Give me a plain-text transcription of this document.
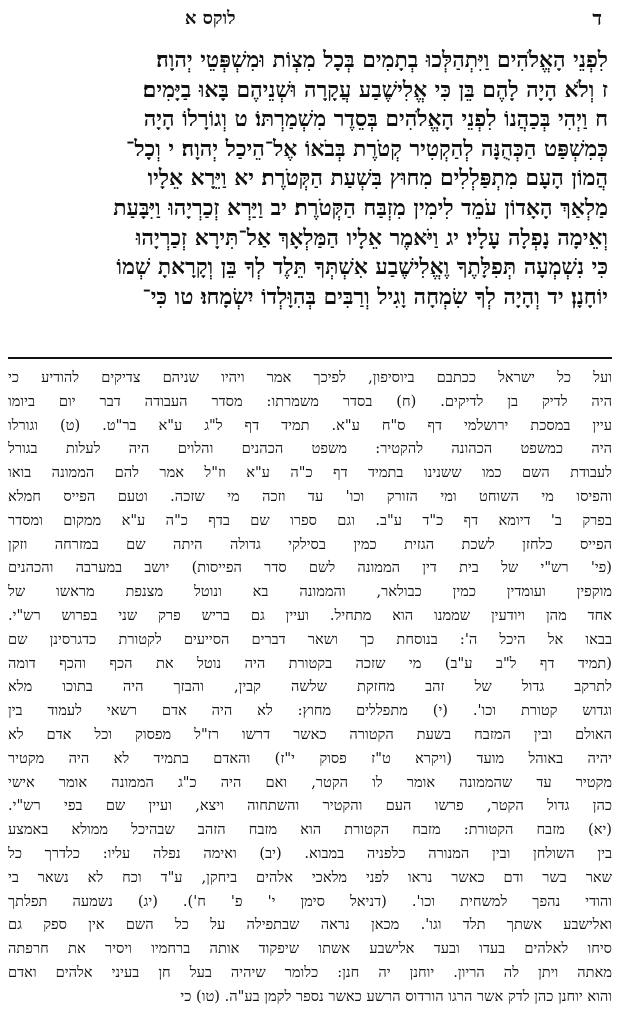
ד
לוקס א
לִפְנֵי הָאֱלֹהִים וַיִּתְהַלְּכוּ בְתָמִים בְּכָל מִצְוֹת וּמִשְׁפְּטֵי יְהוָה׃
ז וְלֹא הָיָה לָהֶם בֵּן כִּי אֱלִישֶׁבַע עֲקָרָה וּשְׁנֵיהֶם בָּאוּ בַיָּמִים׃
ח וַיְהִי בְּכַהֲנוֹ לִפְנֵי הָאֱלֹהִים בְּסֵדֶר מִשְׁמַרְתּוֹ׃ ט וְגוֹרָלוֹ הָיָה
כְּמִשְׁפַּט הַכְּהֻנָּה לְהַקְטִיר קְטֹרֶת בְּבֹאוֹ אֶל־הֵיכַל יְהוָה׃ י וְכָל־
הֲמוֹן הָעָם מִתְפַּלְלִים מִחוּץ בִּשְׁעַת הַקְּטֹרֶת׃ יא וַיֵּרָא אֵלָיו
מַלְאַךְ הָאָדוֹן עֹמֵד לִימִין מִזְבַּח הַקְּטֹרֶת׃ יב וַיַּרְא זְכַרְיָהוּ וַיִּבָּעַת
וְאֵימָה נָפְלָה עָלָיו׃ יג וַיֹּאמֶר אֵלָיו הַמַּלְאָךְ אַל־תִּירָא זְכַרְיָהוּ
כִּי נִשְׁמְעָה תְּפִלָּתֶךָ וֶאֱלִישֶׁבַע אִשְׁתְּךָ תֵּלֶד לְךָ בֵּן וְקָרָאתָ שְׁמוֹ
יוֹחָנָן׃ יד וְהָיָה לְךָ שִׂמְחָה וָגִיל וְרַבִּים בְּהִוָּלְדוֹ יִשְׂמָחוּ׃ טו כִּי־
ועל כל ישראל ככתבם ביוסיפון, לפיכך אמר ויהיו שניהם צדיקים להודיע כי
היה לדיק בן לדיקים. (ח) בסדר משמרתו: מסדר העבודה דבר יום ביומו
עיין במסכת ירושלמי דף ס"ח ע"א. תמיד דף ל"ג ע"א בר"ט. (ט) וגורלו
היה כמשפט הכהונה להקטיר: משפט הכהנים והלוים היה לעלות בגורל
לעבודת השם כמו ששנינו בתמיד דף כ"ה ע"א וז"ל אמר להם הממונה בואו
והפיסו מי השוחט ומי הזורק וכו' עד וזכה מי שזכה. וטעם הפייס חמלא
בפרק ב' דיומא דף כ"ד ע"ב. וגם ספרו שם בדף כ"ה ע"א ממקום ומסדר
הפייס כלחזן לשכת הגזית כמין בסילקי גדולה היתה שם במזרחה וזקן
(פי' רש"י של בית דין הממונה לשם סדר הפייסות) יושב במערבה והכהנים
מוקפין ועומדין כמין כבולאר, והממונה בא ונוטל מצנפת מראשו של
אחד מהן ויודעין שממנו הוא מתחיל. ועיין גם בריש פרק שני בפרוש רש"י.
בבאו אל היכל ה': בנוסחת כך ושאר דברים הסייעים לקטורת כדגרסינן שם
(תמיד דף ל"ב ע"ב) מי שזכה בקטורת היה נוטל את הכף והכף דומה
לתרקב גדול של זהב מחזקת שלשה קבין, והבזך היה בתוכו מלא
וגדוש קטורת וכו'. (י) מתפללים מחוץ: לא היה אדם רשאי לעמוד בין
האולם ובין המזבח בשעת הקטורה כאשר דרשו רז"ל מפסוק וכל אדם לא
יהיה באוהל מועד (ויקרא ט"ז פסוק י"ז) והאדם בתמיד לא היה מקטיר
מקטיר עד שהממונה אומר לו הקטר, ואם היה כ"ג הממונה אומר אישי
כהן גדול הקטר, פרשו העם והקטיר והשתחוה ויצא, ועיין שם בפי רש"י.
(יא) מזבח הקטורת: מזבח הקטורת הוא מזבח הזהב שבהיכל ממולא באמצע
בין השולחן ובין המנורה כלפניה במבוא. (יב) ואימה נפלה עליו: כלדרך כל
שאר בשר ודם כאשר נראו לפני מלאכי אלהים ביחקן, ע"ד וכח לא נשאר בי
והודי נהפך למשחית וכו'. (דניאל סימן י' פ' ח'). (יג) נשמעה תפלתך
ואלישבע אשתך תלד וגו'. מכאן נראה שבתפילה על כל השם אין ספק גם
סיחו לאלהים בעדו ובעד אלישבע אשתו שיפקוד אותה ברחמיו ויסיר את חרפתה
מאתה ויתן לה הריון. יוחנן יה חנן: כלומר שיהיה בעל חן בעיני אלהים ואדם
והוא יוחנן כהן לדק אשר הרגו הורדוס הרשע כאשר נספר לקמן בע"ה. (טו) כי
